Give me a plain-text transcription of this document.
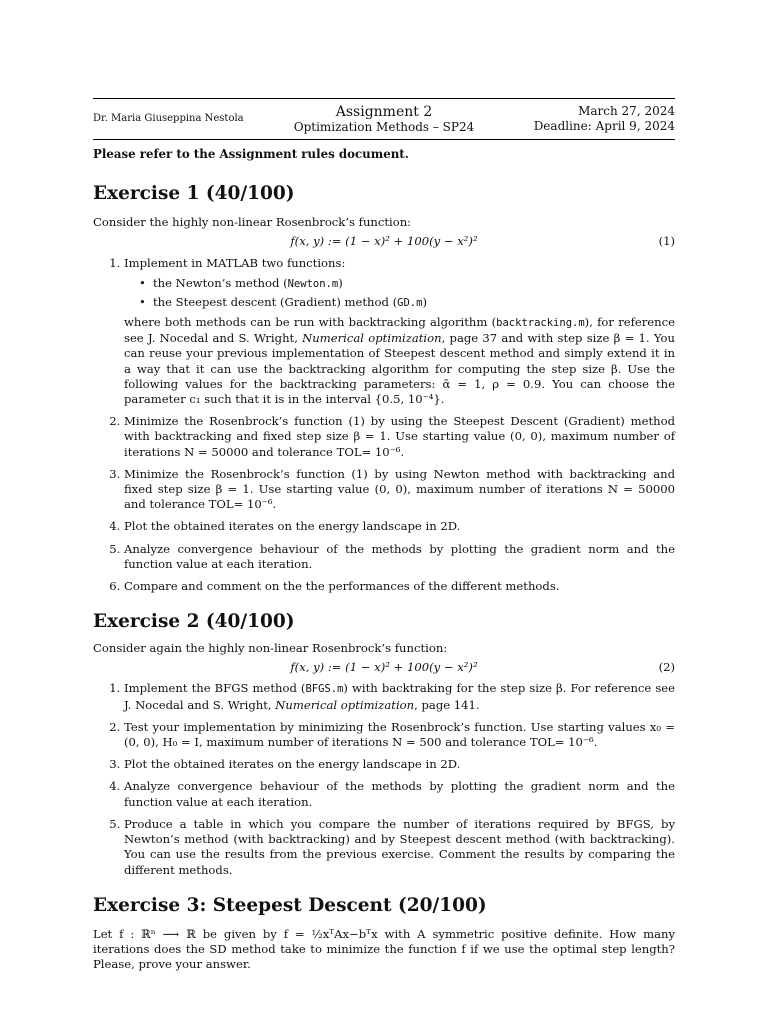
Dr. Maria Giuseppina Nestola	Assignment 2
Optimization Methods – SP24
March 27, 2024
Deadline: April 9, 2024
Please refer to the Assignment rules document.
Exercise 1 (40/100)

Consider the highly non-linear Rosenbrock’s function:

f(x, y) := (1 − x)² + 100(y − x²)²	(1)
1. Implement in MATLAB two functions:
• the Newton’s method (Newton.m)
• the Steepest descent (Gradient) method (GD.m)

where both methods can be run with backtracking algorithm (backtracking.m), for reference see J. Nocedal and S. Wright, Numerical optimization, page 37 and with step size β = 1. You can reuse your previous implementation of Steepest descent method and simply extend it in a way that it can use the backtracking algorithm for computing the step size β. Use the following values for the backtracking parameters: ᾱ = 1, ρ = 0.9. You can choose the parameter c₁ such that it is in the interval {0.5, 10⁻⁴}.

2. Minimize the Rosenbrock’s function (1) by using the Steepest Descent (Gradient) method with backtracking and fixed step size β = 1. Use starting value (0, 0), maximum number of iterations N = 50000 and tolerance TOL= 10⁻⁶.
3. Minimize the Rosenbrock’s function (1) by using Newton method with backtracking and fixed step size β = 1. Use starting value (0, 0), maximum number of iterations N = 50000 and tolerance TOL= 10⁻⁶.
4. Plot the obtained iterates on the energy landscape in 2D.
5. Analyze convergence behaviour of the methods by plotting the gradient norm and the function value at each iteration.
6. Compare and comment on the the performances of the different methods.
Exercise 2 (40/100)

Consider again the highly non-linear Rosenbrock’s function:

f(x, y) := (1 − x)² + 100(y − x²)²	(2)
1. Implement the BFGS method (BFGS.m) with backtraking for the step size β. For reference see J. Nocedal and S. Wright, Numerical optimization, page 141.
2. Test your implementation by minimizing the Rosenbrock’s function. Use starting values x₀ = (0, 0), H₀ = I, maximum number of iterations N = 500 and tolerance TOL= 10⁻⁶.
3. Plot the obtained iterates on the energy landscape in 2D.
4. Analyze convergence behaviour of the methods by plotting the gradient norm and the function value at each iteration.
5. Produce a table in which you compare the number of iterations required by BFGS, by Newton’s method (with backtracking) and by Steepest descent method (with backtracking). You can use the results from the previous exercise. Comment the results by comparing the different methods.
Exercise 3: Steepest Descent (20/100)

Let f : ℝⁿ ⟶ ℝ be given by f = ½xᵀAx−bᵀx with A symmetric positive definite. How many iterations does the SD method take to minimize the function f if we use the optimal step length? Please, prove your answer.
